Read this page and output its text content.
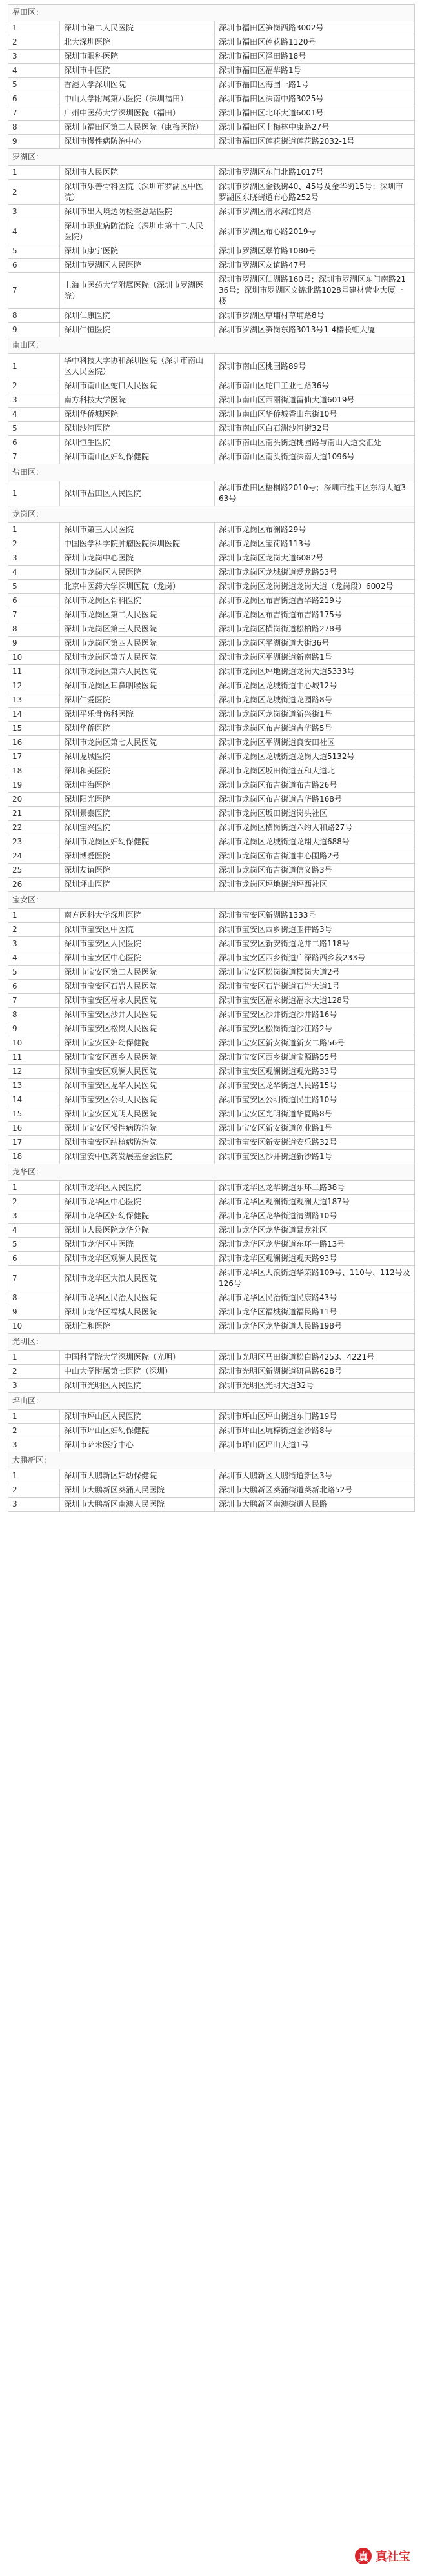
福田区：		
1	深圳市第二人民医院	深圳市福田区笋岗西路3002号
2	北大深圳医院	深圳市福田区莲花路1120号
3	深圳市眼科医院	深圳市福田区泽田路18号
4	深圳市中医院	深圳市福田区福华路1号
5	香港大学深圳医院	深圳市福田区海园一路1号
6	中山大学附属第八医院（深圳福田）	深圳市福田区深南中路3025号
7	广州中医药大学深圳医院（福田）	深圳市福田区北环大道6001号
8	深圳市福田区第二人民医院（康梅医院）	深圳市福田区上梅林中康路27号
9	深圳市慢性病防治中心	深圳市福田区莲花街道莲花路2032-1号
罗湖区：		
1	深圳市人民医院	深圳市罗湖区东门北路1017号
2	深圳市乐善骨科医院（深圳市罗湖区中医院）	深圳市罗湖区金钱街40、45号及金华街15号；深圳市罗湖区东晓街道布心路252号
3	深圳市出入境边防检查总站医院	深圳市罗湖区清水河红岗路
4	深圳市职业病防治院（深圳市第十二人民医院）	深圳市罗湖区布心路2019号
5	深圳市康宁医院	深圳市罗湖区翠竹路1080号
6	深圳市罗湖区人民医院	深圳市罗湖区友谊路47号
7	上海市医药大学附属医院（深圳市罗湖医院）	深圳市罗湖区仙湖路160号；深圳市罗湖区东门南路2136号；深圳市罗湖区文锦北路1028号建材营业大厦一楼
8	深圳仁康医院	深圳市罗湖区草埔村草埔路8号
9	深圳仁恒医院	深圳市罗湖区笋岗东路3013号1-4楼长虹大厦
南山区：		
1	华中科技大学协和深圳医院（深圳市南山区人民医院）	深圳市南山区桃园路89号
2	深圳市南山区蛇口人民医院	深圳市南山区蛇口工业七路36号
3	南方科技大学医院	深圳市南山区西丽街道留仙大道6019号
4	深圳华侨城医院	深圳市南山区华侨城香山东街10号
5	深圳沙河医院	深圳市南山区白石洲沙河街32号
6	深圳恒生医院	深圳市南山区南头街道桃园路与南山大道交汇处
7	深圳市南山区妇幼保健院	深圳市南山区南头街道深南大道1096号
盐田区：		
1	深圳市盐田区人民医院	深圳市盐田区梧桐路2010号；深圳市盐田区东海大道363号
龙岗区：		
1	深圳市第三人民医院	深圳市龙岗区布澜路29号
2	中国医学科学院肿瘤医院深圳医院	深圳市龙岗区宝荷路113号
3	深圳市龙岗中心医院	深圳市龙岗区龙岗大道6082号
4	深圳市龙岗区人民医院	深圳市龙岗区龙城街道爱龙路53号
5	北京中医药大学深圳医院（龙岗）	深圳市龙岗区龙岗街道龙岗大道（龙岗段）6002号
6	深圳市龙岗区骨科医院	深圳市龙岗区布吉街道吉华路219号
7	深圳市龙岗区第二人民医院	深圳市龙岗区布吉街道布吉路175号
8	深圳市龙岗区第三人民医院	深圳市龙岗区横岗街道松柏路278号
9	深圳市龙岗区第四人民医院	深圳市龙岗区平湖街道大街36号
10	深圳市龙岗区第五人民医院	深圳市龙岗区平湖街道新南路1号
11	深圳市龙岗区第六人民医院	深圳市龙岗区坪地街道龙岗大道5333号
12	深圳市龙岗区耳鼻咽喉医院	深圳市龙岗区龙城街道中心城12号
13	深圳仁爱医院	深圳市龙岗区龙城街道龙园路8号
14	深圳平乐骨伤科医院	深圳市龙岗区龙岗街道新兴街1号
15	深圳华侨医院	深圳市龙岗区布吉街道吉华路5号
16	深圳市龙岗区第七人民医院	深圳市龙岗区平湖街道良安田社区
17	深圳龙城医院	深圳市龙岗区龙城街道龙岗大道5132号
18	深圳和美医院	深圳市龙岗区坂田街道五和大道北
19	深圳中海医院	深圳市龙岗区布吉街道布吉路26号
20	深圳阳光医院	深圳市龙岗区布吉街道吉华路168号
21	深圳景泰医院	深圳市龙岗区坂田街道岗头社区
22	深圳宝兴医院	深圳市龙岗区横岗街道六约大和路27号
23	深圳市龙岗区妇幼保健院	深圳市龙岗区龙城街道龙翔大道688号
24	深圳博爱医院	深圳市龙岗区布吉街道中心围路2号
25	深圳友谊医院	深圳市龙岗区布吉街道信义路3号
26	深圳坪山医院	深圳市龙岗区坪地街道坪西社区
宝安区：		
1	南方医科大学深圳医院	深圳市宝安区新湖路1333号
2	深圳市宝安区中医院	深圳市宝安区西乡街道玉律路3号
3	深圳市宝安区人民医院	深圳市宝安区新安街道龙井二路118号
4	深圳市宝安区中心医院	深圳市宝安区西乡街道广深路西乡段233号
5	深圳市宝安区第二人民医院	深圳市宝安区松岗街道楼岗大道2号
6	深圳市宝安区石岩人民医院	深圳市宝安区石岩街道石岩大道1号
7	深圳市宝安区福永人民医院	深圳市宝安区福永街道福永大道128号
8	深圳市宝安区沙井人民医院	深圳市宝安区沙井街道沙井路16号
9	深圳市宝安区松岗人民医院	深圳市宝安区松岗街道沙江路2号
10	深圳市宝安区妇幼保健院	深圳市宝安区新安街道新安二路56号
11	深圳市宝安区西乡人民医院	深圳市宝安区西乡街道宝源路55号
12	深圳市宝安区观澜人民医院	深圳市宝安区观澜街道观光路33号
13	深圳市宝安区龙华人民医院	深圳市宝安区龙华街道人民路15号
14	深圳市宝安区公明人民医院	深圳市宝安区公明街道民生路10号
15	深圳市宝安区光明人民医院	深圳市宝安区光明街道华夏路8号
16	深圳市宝安区慢性病防治院	深圳市宝安区新安街道创业路1号
17	深圳市宝安区结核病防治院	深圳市宝安区新安街道安乐路32号
18	深圳宝安中医药发展基金会医院	深圳市宝安区沙井街道新沙路1号
龙华区：		
1	深圳市龙华区人民医院	深圳市龙华区龙华街道东环二路38号
2	深圳市龙华区中心医院	深圳市龙华区观澜街道观澜大道187号
3	深圳市龙华区妇幼保健院	深圳市龙华区龙华街道清湖路10号
4	深圳市人民医院龙华分院	深圳市龙华区龙华街道景龙社区
5	深圳市龙华区中医院	深圳市龙华区龙华街道东环一路13号
6	深圳市龙华区观澜人民医院	深圳市龙华区观澜街道观天路93号
7	深圳市龙华区大浪人民医院	深圳市龙华区大浪街道华荣路109号、110号、112号及126号
8	深圳市龙华区民治人民医院	深圳市龙华区民治街道民康路43号
9	深圳市龙华区福城人民医院	深圳市龙华区福城街道福民路11号
10	深圳仁和医院	深圳市龙华区龙华街道人民路198号
光明区：		
1	中国科学院大学深圳医院（光明）	深圳市光明区马田街道松白路4253、4221号
2	中山大学附属第七医院（深圳）	深圳市光明区新湖街道研昌路628号
3	深圳市光明区人民医院	深圳市光明区光明大道32号
坪山区：		
1	深圳市坪山区人民医院	深圳市坪山区坪山街道东门路19号
2	深圳市坪山区妇幼保健院	深圳市坪山区坑梓街道金沙路8号
3	深圳市萨米医疗中心	深圳市坪山区坪山大道1号
大鹏新区：		
1	深圳市大鹏新区妇幼保健院	深圳市大鹏新区大鹏街道新区3号
2	深圳市大鹏新区葵涌人民医院	深圳市大鹏新区葵涌街道葵新北路52号
3	深圳市大鹏新区南澳人民医院	深圳市大鹏新区南澳街道人民路
真 真社宝
